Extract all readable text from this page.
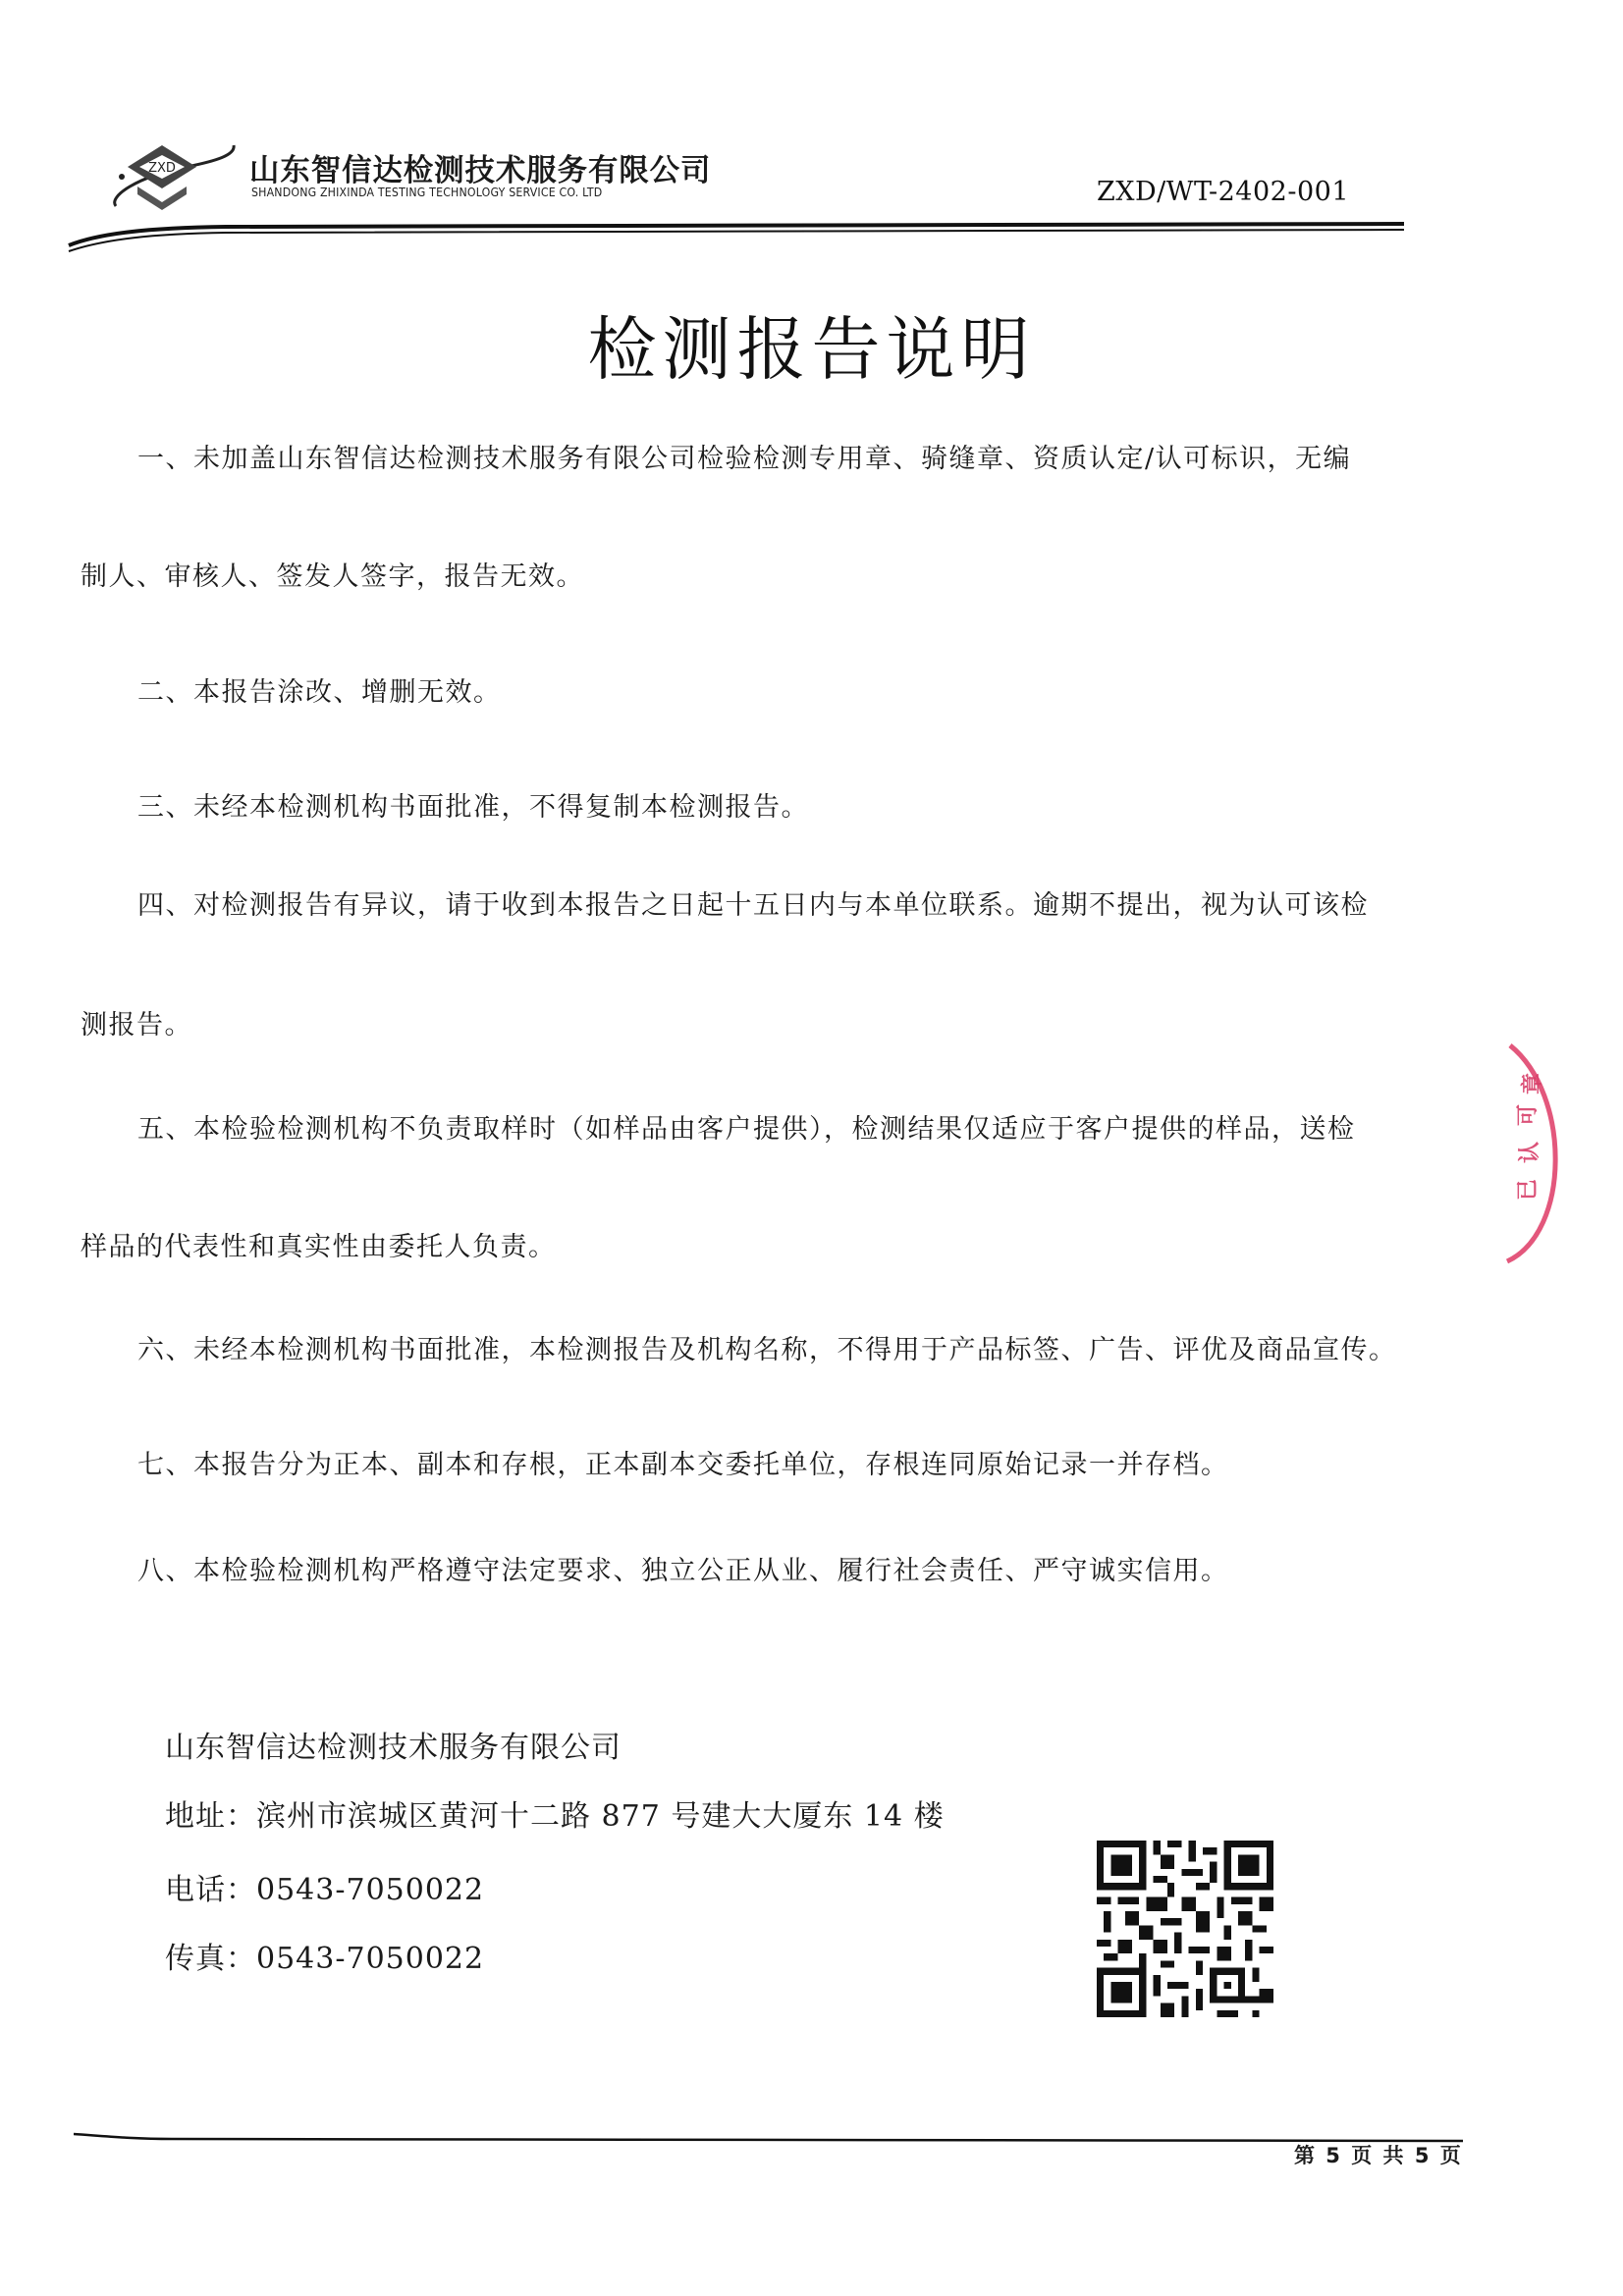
ZXD 山东智信达检测技术服务有限公司
SHANDONG ZHIXINDA TESTING TECHNOLOGY SERVICE CO. LTD	ZXD/WT-2402-001
检测报告说明
一、未加盖山东智信达检测技术服务有限公司检验检测专用章、骑缝章、资质认定/认可标识，无编
制人、审核人、签发人签字，报告无效。
二、本报告涂改、增删无效。
三、未经本检测机构书面批准，不得复制本检测报告。
四、对检测报告有异议，请于收到本报告之日起十五日内与本单位联系。逾期不提出，视为认可该检
测报告。
五、本检验检测机构不负责取样时（如样品由客户提供），检测结果仅适应于客户提供的样品，送检
样品的代表性和真实性由委托人负责。
六、未经本检测机构书面批准，本检测报告及机构名称，不得用于产品标签、广告、评优及商品宣传。
七、本报告分为正本、副本和存根，正本副本交委托单位，存根连同原始记录一并存档。
八、本检验检测机构严格遵守法定要求、独立公正从业、履行社会责任、严守诚实信用。
山东智信达检测技术服务有限公司
地址：滨州市滨城区黄河十二路 877 号建大大厦东 14 楼
电话：0543-7050022
传真：0543-7050022
章
可
认
已
第 5 页 共 5 页
